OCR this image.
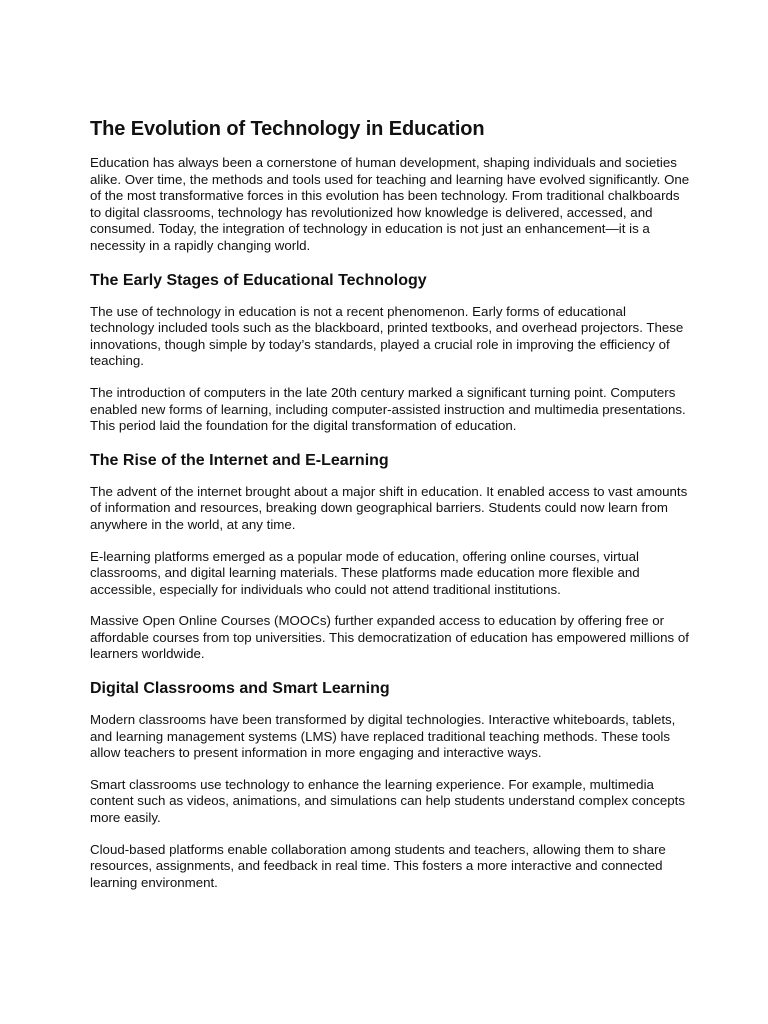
The Evolution of Technology in Education

Education has always been a cornerstone of human development, shaping individuals and societies alike. Over time, the methods and tools used for teaching and learning have evolved significantly. One of the most transformative forces in this evolution has been technology. From traditional chalkboards to digital classrooms, technology has revolutionized how knowledge is delivered, accessed, and consumed. Today, the integration of technology in education is not just an enhancement—it is a necessity in a rapidly changing world.

The Early Stages of Educational Technology

The use of technology in education is not a recent phenomenon. Early forms of educational technology included tools such as the blackboard, printed textbooks, and overhead projectors. These innovations, though simple by today’s standards, played a crucial role in improving the efficiency of teaching.

The introduction of computers in the late 20th century marked a significant turning point. Computers enabled new forms of learning, including computer-assisted instruction and multimedia presentations. This period laid the foundation for the digital transformation of education.

The Rise of the Internet and E-Learning

The advent of the internet brought about a major shift in education. It enabled access to vast amounts of information and resources, breaking down geographical barriers. Students could now learn from anywhere in the world, at any time.

E-learning platforms emerged as a popular mode of education, offering online courses, virtual classrooms, and digital learning materials. These platforms made education more flexible and accessible, especially for individuals who could not attend traditional institutions.

Massive Open Online Courses (MOOCs) further expanded access to education by offering free or affordable courses from top universities. This democratization of education has empowered millions of learners worldwide.

Digital Classrooms and Smart Learning

Modern classrooms have been transformed by digital technologies. Interactive whiteboards, tablets, and learning management systems (LMS) have replaced traditional teaching methods. These tools allow teachers to present information in more engaging and interactive ways.

Smart classrooms use technology to enhance the learning experience. For example, multimedia content such as videos, animations, and simulations can help students understand complex concepts more easily.

Cloud-based platforms enable collaboration among students and teachers, allowing them to share resources, assignments, and feedback in real time. This fosters a more interactive and connected learning environment.
